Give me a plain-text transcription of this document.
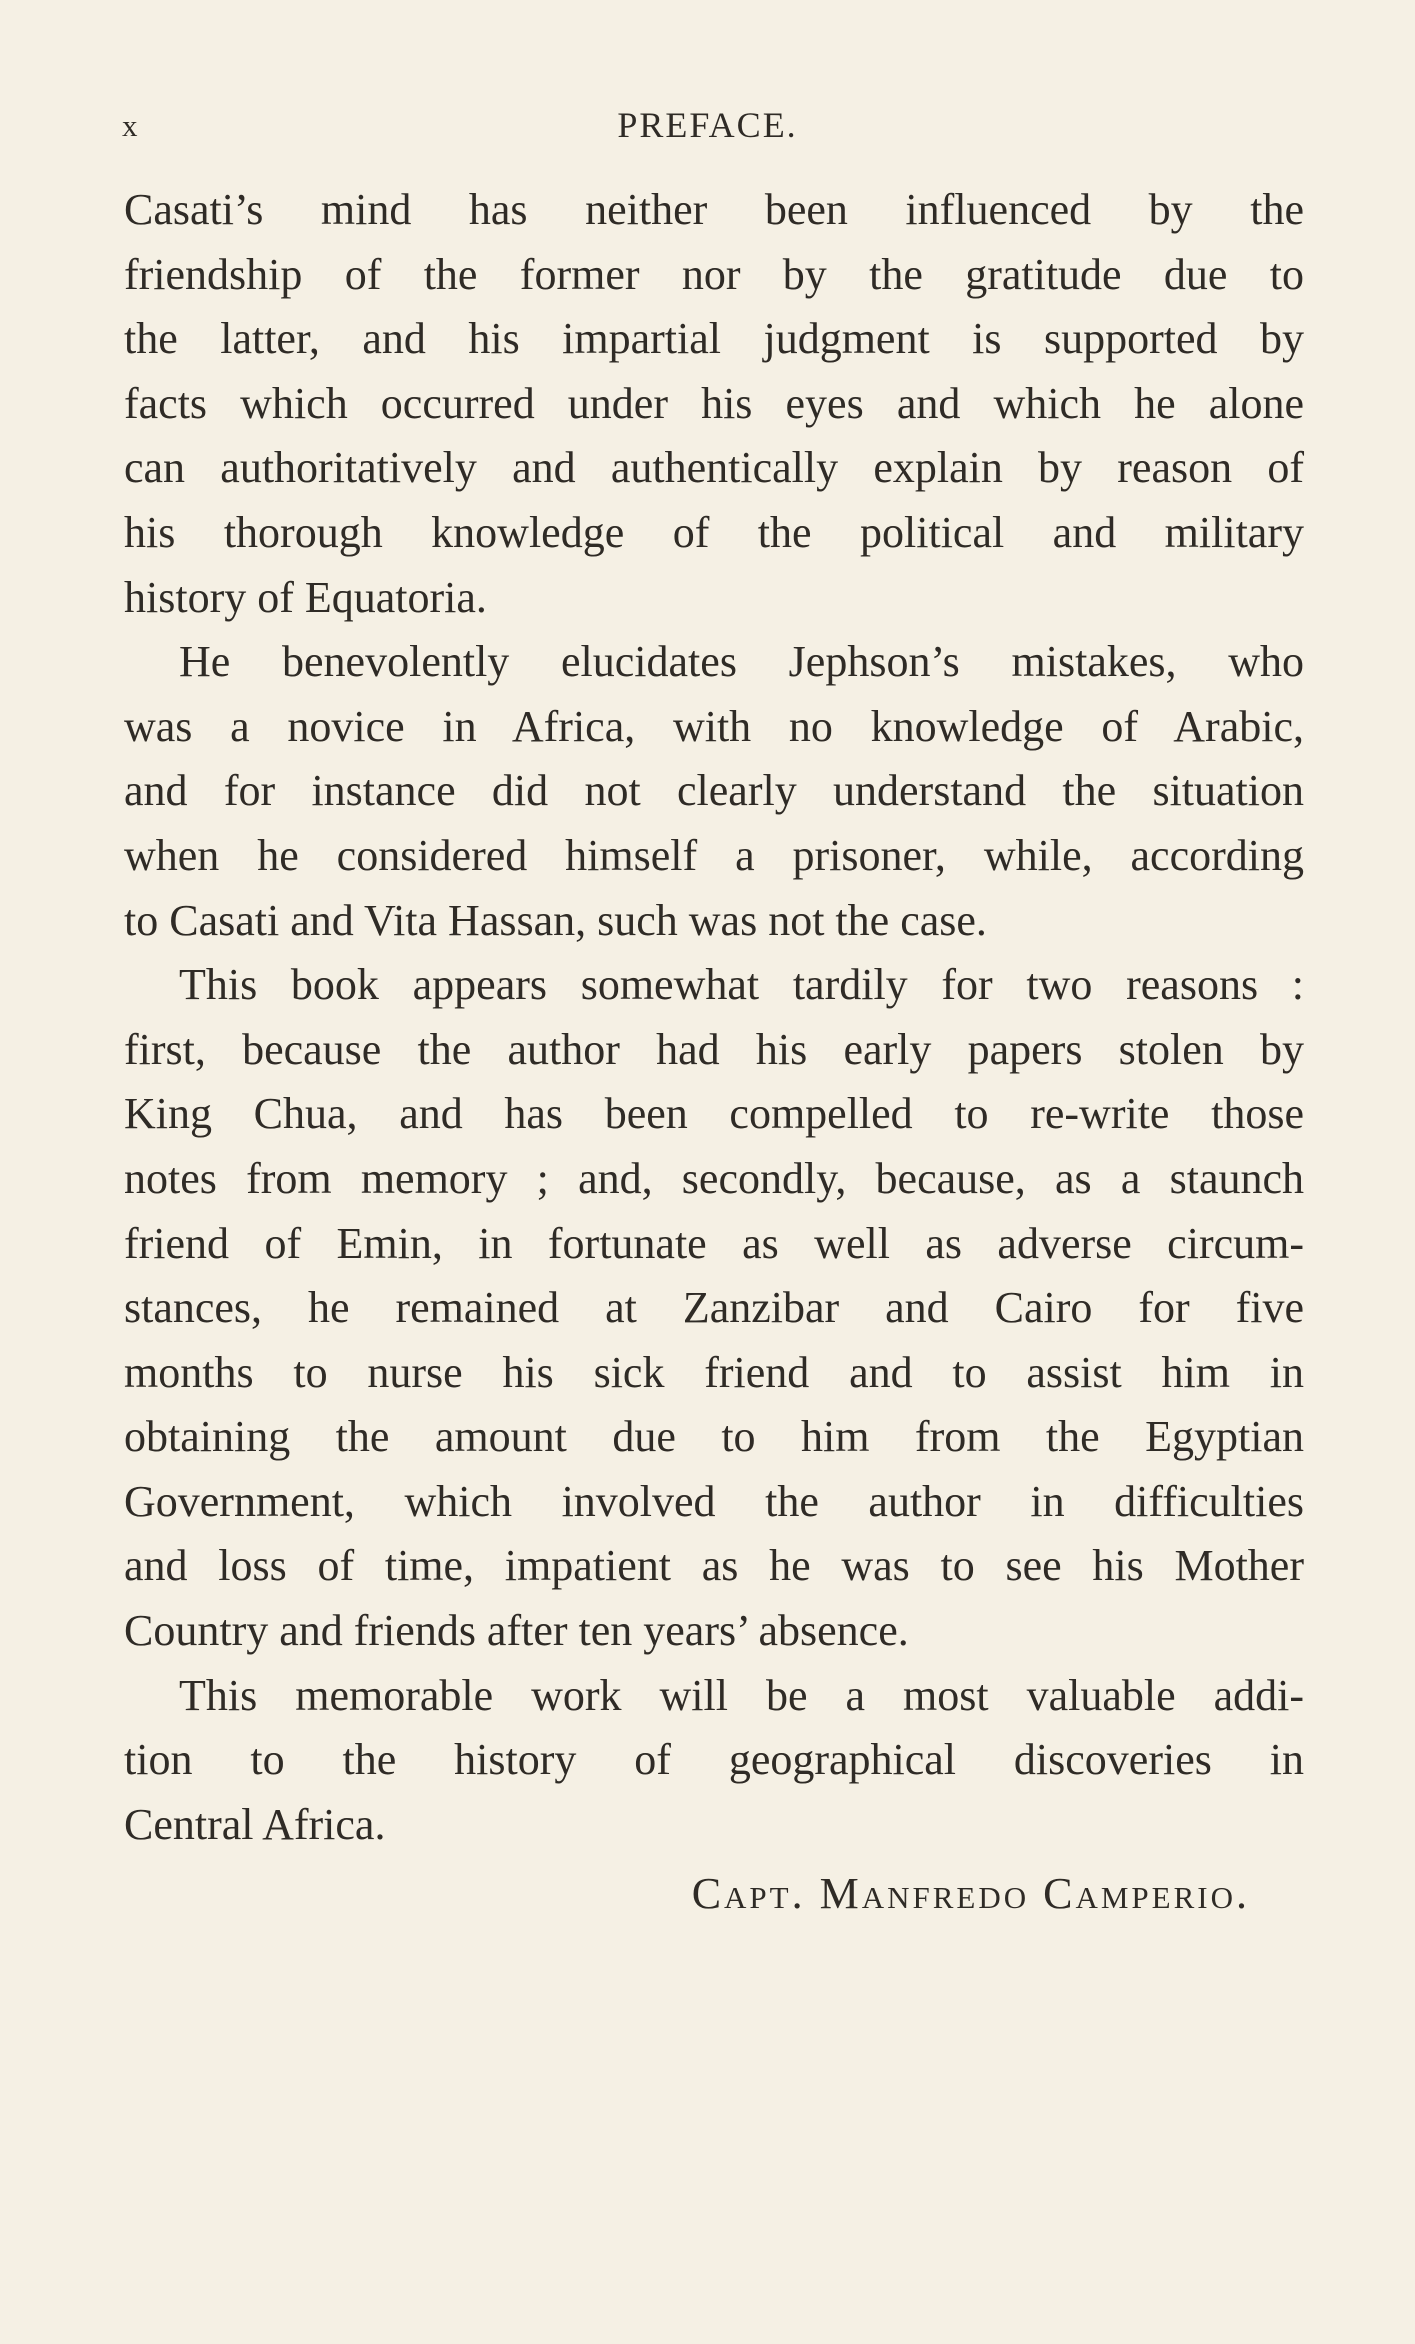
x	PREFACE.
Casati’s mind has neither been influenced by the
friendship of the former nor by the gratitude due to
the latter, and his impartial judgment is supported by
facts which occurred under his eyes and which he alone
can authoritatively and authentically explain by reason of
his thorough knowledge of the political and military
history of Equatoria.
He benevolently elucidates Jephson’s mistakes, who
was a novice in Africa, with no knowledge of Arabic,
and for instance did not clearly understand the situation
when he considered himself a prisoner, while, according
to Casati and Vita Hassan, such was not the case.
This book appears somewhat tardily for two reasons :
first, because the author had his early papers stolen by
King Chua, and has been compelled to re-write those
notes from memory ; and, secondly, because, as a staunch
friend of Emin, in fortunate as well as adverse circum-
stances, he remained at Zanzibar and Cairo for five
months to nurse his sick friend and to assist him in
obtaining the amount due to him from the Egyptian
Government, which involved the author in difficulties
and loss of time, impatient as he was to see his Mother
Country and friends after ten years’ absence.
This memorable work will be a most valuable addi-
tion to the history of geographical discoveries in
Central Africa.
Capt. Manfredo Camperio.
